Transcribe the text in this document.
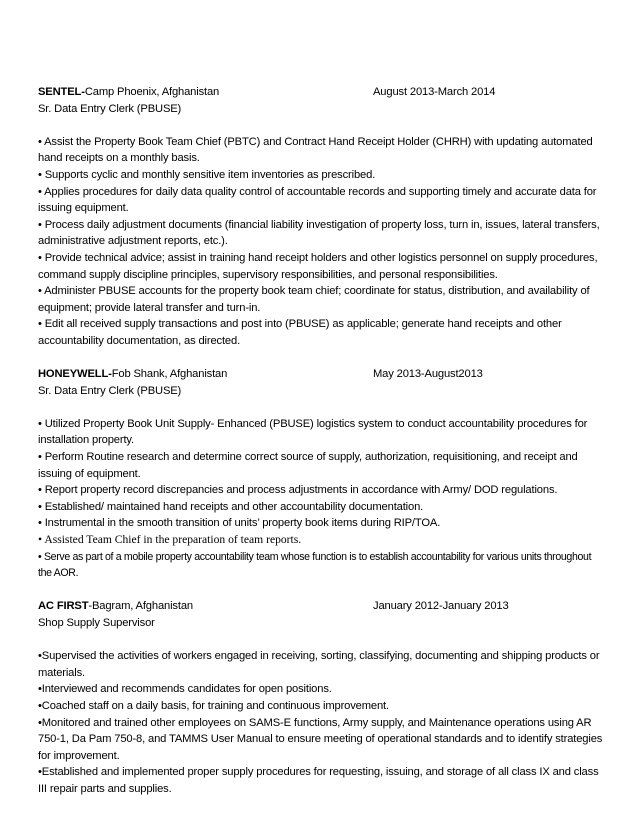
SENTEL-Camp Phoenix, Afghanistan	August 2013-March 2014
Sr. Data Entry Clerk (PBUSE)

• Assist the Property Book Team Chief (PBTC) and Contract Hand Receipt Holder (CHRH) with updating automated hand receipts on a monthly basis.

• Supports cyclic and monthly sensitive item inventories as prescribed.

• Applies procedures for daily data quality control of accountable records and supporting timely and accurate data for issuing equipment.

• Process daily adjustment documents (financial liability investigation of property loss, turn in, issues, lateral transfers, administrative adjustment reports, etc.).

• Provide technical advice; assist in training hand receipt holders and other logistics personnel on supply procedures, command supply discipline principles, supervisory responsibilities, and personal responsibilities.

• Administer PBUSE accounts for the property book team chief; coordinate for status, distribution, and availability of equipment; provide lateral transfer and turn-in.

• Edit all received supply transactions and post into (PBUSE) as applicable; generate hand receipts and other accountability documentation, as directed.

HONEYWELL-Fob Shank, Afghanistan	May 2013-August2013
Sr. Data Entry Clerk (PBUSE)

• Utilized Property Book Unit Supply- Enhanced (PBUSE) logistics system to conduct accountability procedures for installation property.

• Perform Routine research and determine correct source of supply, authorization, requisitioning, and receipt and issuing of equipment.

• Report property record discrepancies and process adjustments in accordance with Army/ DOD regulations.

• Established/ maintained hand receipts and other accountability documentation.

• Instrumental in the smooth transition of units’ property book items during RIP/TOA.

• Assisted Team Chief in the preparation of team reports.

• Serve as part of a mobile property accountability team whose function is to establish accountability for various units throughout the AOR.

AC FIRST-Bagram, Afghanistan	January 2012-January 2013
Shop Supply Supervisor

•Supervised the activities of workers engaged in receiving, sorting, classifying, documenting and shipping products or materials.

•Interviewed and recommends candidates for open positions.

•Coached staff on a daily basis, for training and continuous improvement.

•Monitored and trained other employees on SAMS-E functions, Army supply, and Maintenance operations using AR 750-1, Da Pam 750-8, and TAMMS User Manual to ensure meeting of operational standards and to identify strategies for improvement.

•Established and implemented proper supply procedures for requesting, issuing, and storage of all class IX and class III repair parts and supplies.
